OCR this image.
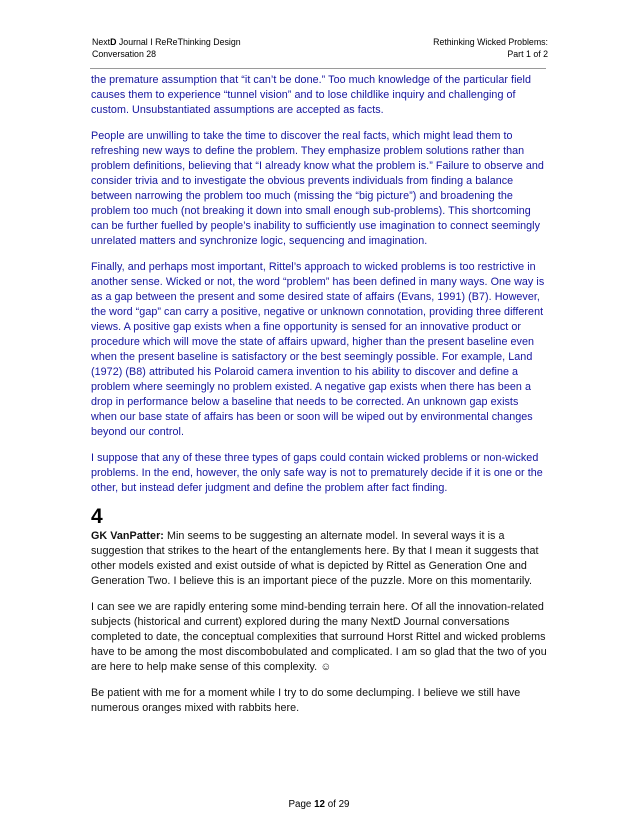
NextD Journal I ReReThinking Design
Conversation 28
Rethinking Wicked Problems:
Part 1 of 2

the premature assumption that “it can’t be done.” Too much knowledge of the particular field causes them to experience “tunnel vision” and to lose childlike inquiry and challenging of custom. Unsubstantiated assumptions are accepted as facts.

People are unwilling to take the time to discover the real facts, which might lead them to refreshing new ways to define the problem. They emphasize problem solutions rather than problem definitions, believing that “I already know what the problem is.” Failure to observe and consider trivia and to investigate the obvious prevents individuals from finding a balance between narrowing the problem too much (missing the “big picture”) and broadening the problem too much (not breaking it down into small enough sub-problems). This shortcoming can be further fuelled by people’s inability to sufficiently use imagination to connect seemingly unrelated matters and synchronize logic, sequencing and imagination.

Finally, and perhaps most important, Rittel’s approach to wicked problems is too restrictive in another sense. Wicked or not, the word “problem” has been defined in many ways. One way is as a gap between the present and some desired state of affairs (Evans, 1991) (B7). However, the word “gap” can carry a positive, negative or unknown connotation, providing three different views. A positive gap exists when a fine opportunity is sensed for an innovative product or procedure which will move the state of affairs upward, higher than the present baseline even when the present baseline is satisfactory or the best seemingly possible. For example, Land (1972) (B8) attributed his Polaroid camera invention to his ability to discover and define a problem where seemingly no problem existed. A negative gap exists when there has been a drop in performance below a baseline that needs to be corrected. An unknown gap exists when our base state of affairs has been or soon will be wiped out by environmental changes beyond our control.

I suppose that any of these three types of gaps could contain wicked problems or non-wicked problems. In the end, however, the only safe way is not to prematurely decide if it is one or the other, but instead defer judgment and define the problem after fact finding.

4

GK VanPatter: Min seems to be suggesting an alternate model. In several ways it is a suggestion that strikes to the heart of the entanglements here. By that I mean it suggests that other models existed and exist outside of what is depicted by Rittel as Generation One and Generation Two. I believe this is an important piece of the puzzle. More on this momentarily.

I can see we are rapidly entering some mind-bending terrain here. Of all the innovation-related subjects (historical and current) explored during the many NextD Journal conversations completed to date, the conceptual complexities that surround Horst Rittel and wicked problems have to be among the most discombobulated and complicated. I am so glad that the two of you are here to help make sense of this complexity. ☺

Be patient with me for a moment while I try to do some declumping. I believe we still have numerous oranges mixed with rabbits here.

Page 12 of 29
